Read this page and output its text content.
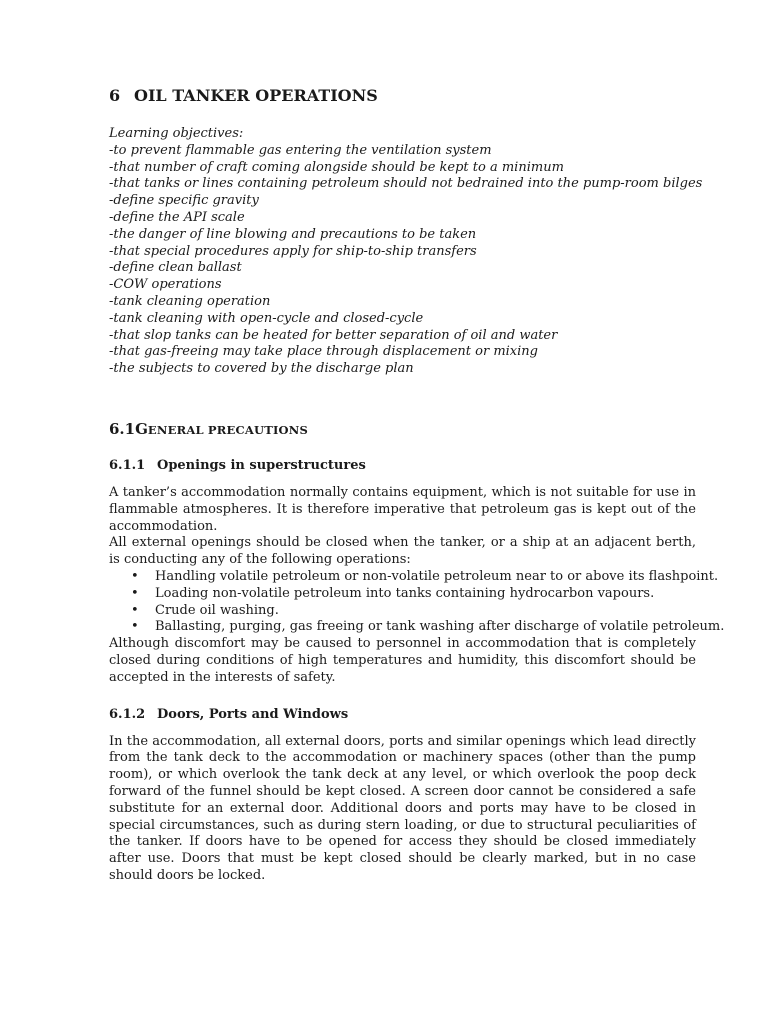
6 OIL TANKER OPERATIONS
Learning objectives:
-to prevent flammable gas entering the ventilation system
-that number of craft coming alongside should be kept to a minimum
-that tanks or lines containing petroleum should not bedrained into the pump-room bilges
-define specific gravity
-define the API scale
-the danger of line blowing and precautions to be taken
-that special procedures apply for ship-to-ship transfers
-define clean ballast
-COW operations
-tank cleaning operation
-tank cleaning with open-cycle and closed-cycle
-that slop tanks can be heated for better separation of oil and water
-that gas-freeing may take place through displacement or mixing
-the subjects to covered by the discharge plan
6.1GENERAL PRECAUTIONS
6.1.1 Openings in superstructures

A tanker’s accommodation normally contains equipment, which is not suitable for use in flammable atmospheres. It is therefore imperative that petroleum gas is kept out of the accommodation.

All external openings should be closed when the tanker, or a ship at an adjacent berth, is conducting any of the following operations:

• Handling volatile petroleum or non-volatile petroleum near to or above its flashpoint.
• Loading non-volatile petroleum into tanks containing hydrocarbon vapours.
• Crude oil washing.
• Ballasting, purging, gas freeing or tank washing after discharge of volatile petroleum.

Although discomfort may be caused to personnel in accommodation that is completely closed during conditions of high temperatures and humidity, this discomfort should be accepted in the interests of safety.

6.1.2 Doors, Ports and Windows

In the accommodation, all external doors, ports and similar openings which lead directly from the tank deck to the accommodation or machinery spaces (other than the pump room), or which overlook the tank deck at any level, or which overlook the poop deck forward of the funnel should be kept closed. A screen door cannot be considered a safe substitute for an external door. Additional doors and ports may have to be closed in special circumstances, such as during stern loading, or due to structural peculiarities of the tanker. If doors have to be opened for access they should be closed immediately after use. Doors that must be kept closed should be clearly marked, but in no case should doors be locked.
